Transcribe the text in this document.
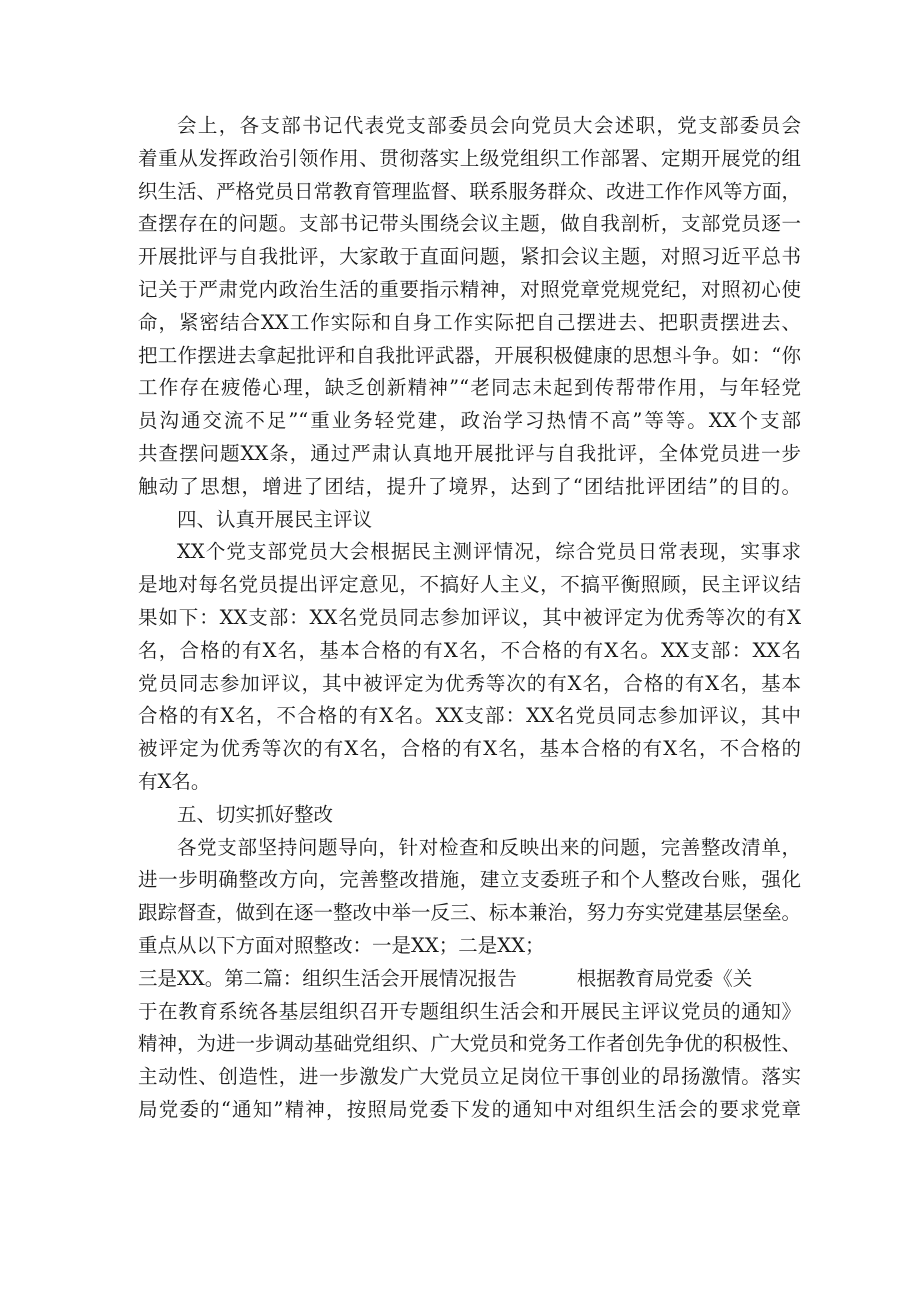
会上，各支部书记代表党支部委员会向党员大会述职，党支部委员会
着重从发挥政治引领作用、贯彻落实上级党组织工作部署、定期开展党的组
织生活、严格党员日常教育管理监督、联系服务群众、改进工作作风等方面，
查摆存在的问题。支部书记带头围绕会议主题，做自我剖析，支部党员逐一
开展批评与自我批评，大家敢于直面问题，紧扣会议主题，对照习近平总书
记关于严肃党内政治生活的重要指示精神，对照党章党规党纪，对照初心使
命，紧密结合XX工作实际和自身工作实际把自己摆进去、把职责摆进去、
把工作摆进去拿起批评和自我批评武器，开展积极健康的思想斗争。如：“你
工作存在疲倦心理，缺乏创新精神”“老同志未起到传帮带作用，与年轻党
员沟通交流不足”“重业务轻党建，政治学习热情不高”等等。XX个支部
共查摆问题XX条，通过严肃认真地开展批评与自我批评，全体党员进一步
触动了思想，增进了团结，提升了境界，达到了“团结批评团结”的目的。
四、认真开展民主评议
XX个党支部党员大会根据民主测评情况，综合党员日常表现，实事求
是地对每名党员提出评定意见，不搞好人主义，不搞平衡照顾，民主评议结
果如下：XX支部：XX名党员同志参加评议，其中被评定为优秀等次的有X
名，合格的有X名，基本合格的有X名，不合格的有X名。XX支部：XX名
党员同志参加评议，其中被评定为优秀等次的有X名，合格的有X名，基本
合格的有X名，不合格的有X名。XX支部：XX名党员同志参加评议，其中
被评定为优秀等次的有X名，合格的有X名，基本合格的有X名，不合格的
有X名。
五、切实抓好整改
各党支部坚持问题导向，针对检查和反映出来的问题，完善整改清单，
进一步明确整改方向，完善整改措施，建立支委班子和个人整改台账，强化
跟踪督查，做到在逐一整改中举一反三、标本兼治，努力夯实党建基层堡垒。
重点从以下方面对照整改：一是XX；二是XX；
三是XX。第二篇：组织生活会开展情况报告	根据教育局党委《关
于在教育系统各基层组织召开专题组织生活会和开展民主评议党员的通知》
精神，为进一步调动基础党组织、广大党员和党务工作者创先争优的积极性、
主动性、创造性，进一步激发广大党员立足岗位干事创业的昂扬激情。落实
局党委的“通知”精神，按照局党委下发的通知中对组织生活会的要求党章
